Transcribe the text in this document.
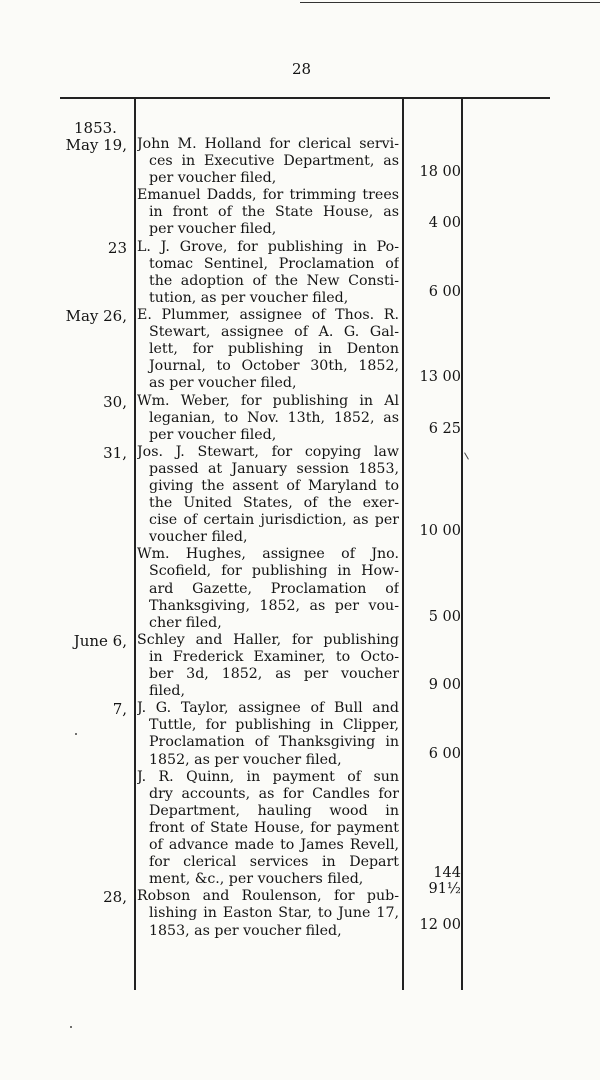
28
1853.
May 19, John M. Holland for clerical servi-
ces in Executive Department, as
per voucher filed,	18 00
Emanuel Dadds, for trimming trees
in front of the State House, as
per voucher filed,	4 00
23 L. J. Grove, for publishing in Po-
tomac Sentinel, Proclamation of
the adoption of the New Consti-
tution, as per voucher filed,	6 00
May 26, E. Plummer, assignee of Thos. R.
Stewart, assignee of A. G. Gal-
lett, for publishing in Denton
Journal, to October 30th, 1852,
as per voucher filed,	13 00
30, Wm. Weber, for publishing in Al
leganian, to Nov. 13th, 1852, as
per voucher filed,	6 25
31, Jos. J. Stewart, for copying law
passed at January session 1853,
giving the assent of Maryland to
the United States, of the exer-
cise of certain jurisdiction, as per
voucher filed,	10 00
Wm. Hughes, assignee of Jno.
Scofield, for publishing in How-
ard Gazette, Proclamation of
Thanksgiving, 1852, as per vou-
cher filed,	5 00
June 6, Schley and Haller, for publishing
in Frederick Examiner, to Octo-
ber 3d, 1852, as per voucher
filed,	9 00
7, J. G. Taylor, assignee of Bull and
Tuttle, for publishing in Clipper,
Proclamation of Thanksgiving in
1852, as per voucher filed,	6 00
J. R. Quinn, in payment of sun
dry accounts, as for Candles for
Department, hauling wood in
front of State House, for payment
of advance made to James Revell,
for clerical services in Depart
ment, &c., per vouchers filed,	144 91½
28, Robson and Roulenson, for pub-
lishing in Easton Star, to June 17,
1853, as per voucher filed,	12 00
